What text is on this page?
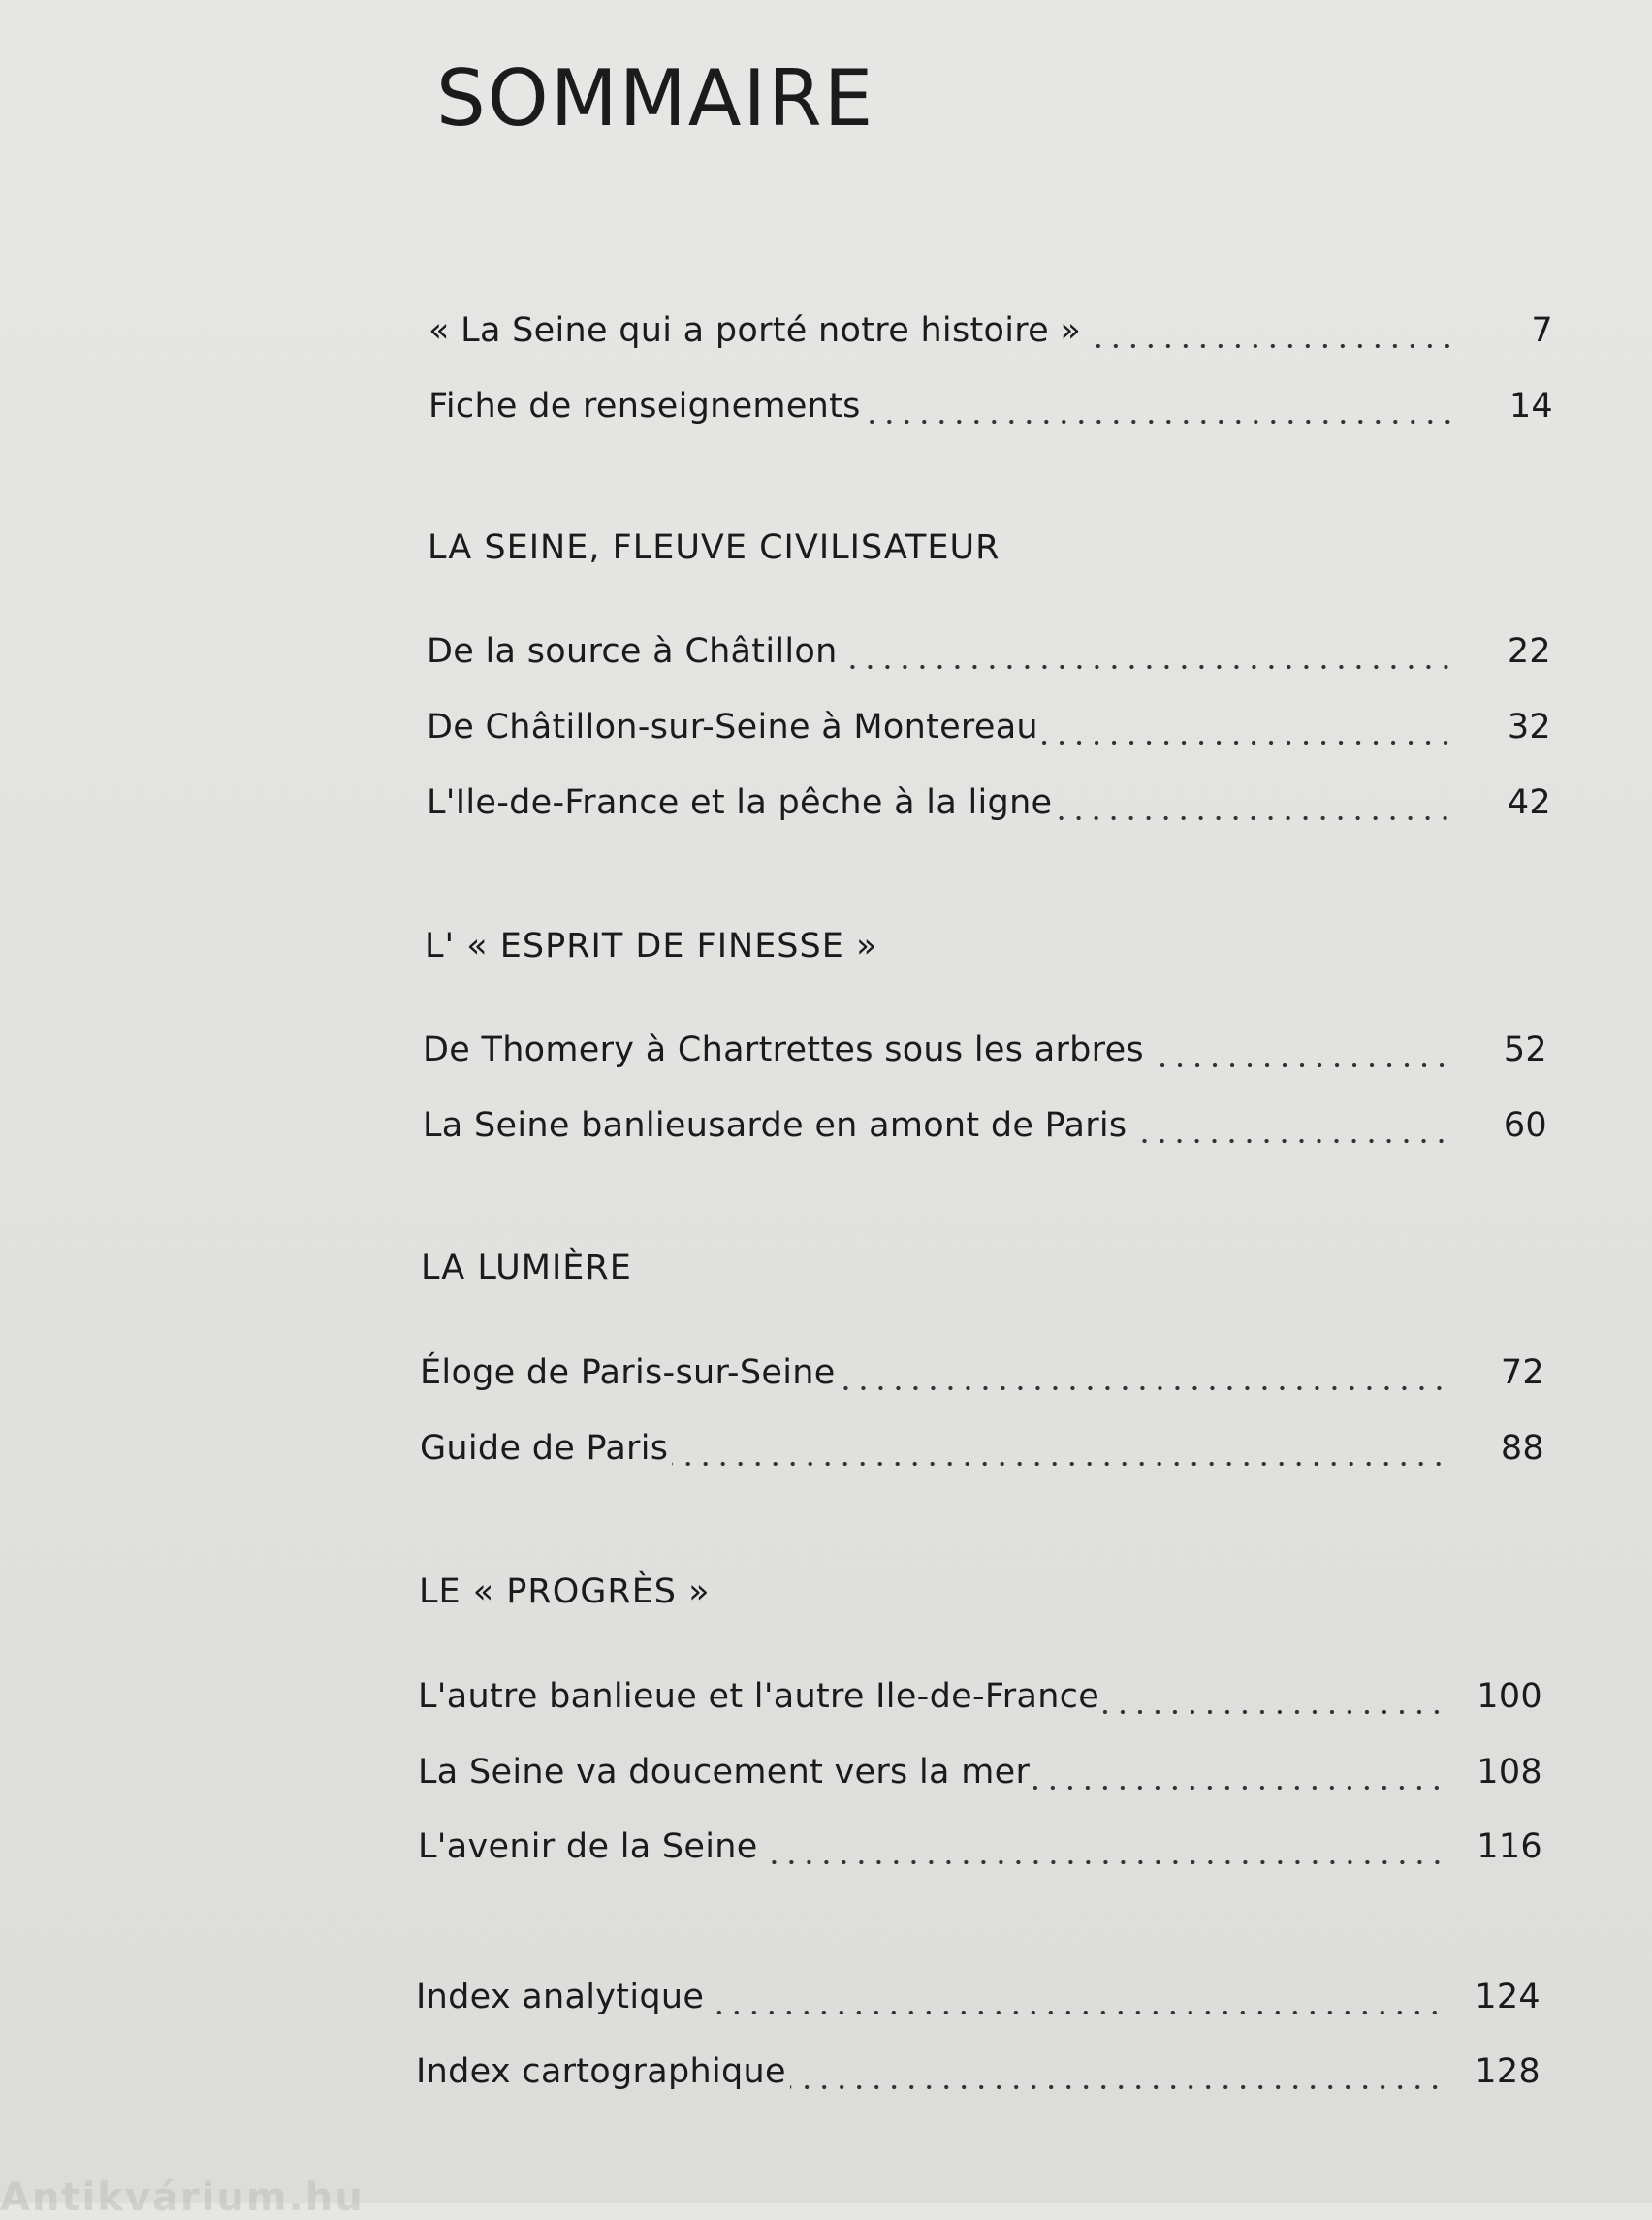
SOMMAIRE
« La Seine qui a porté notre histoire »	7
Fiche de renseignements	14
LA SEINE, FLEUVE CIVILISATEUR
De la source à Châtillon	22
De Châtillon-sur-Seine à Montereau	32
L'Ile-de-France et la pêche à la ligne	42
L' « ESPRIT DE FINESSE »
De Thomery à Chartrettes sous les arbres	52
La Seine banlieusarde en amont de Paris	60
LA LUMIÈRE
Éloge de Paris-sur-Seine	72
Guide de Paris	88
LE « PROGRÈS »
L'autre banlieue et l'autre Ile-de-France	100
La Seine va doucement vers la mer	108
L'avenir de la Seine	116
Index analytique	124
Index cartographique	128
Antikvárium.hu
